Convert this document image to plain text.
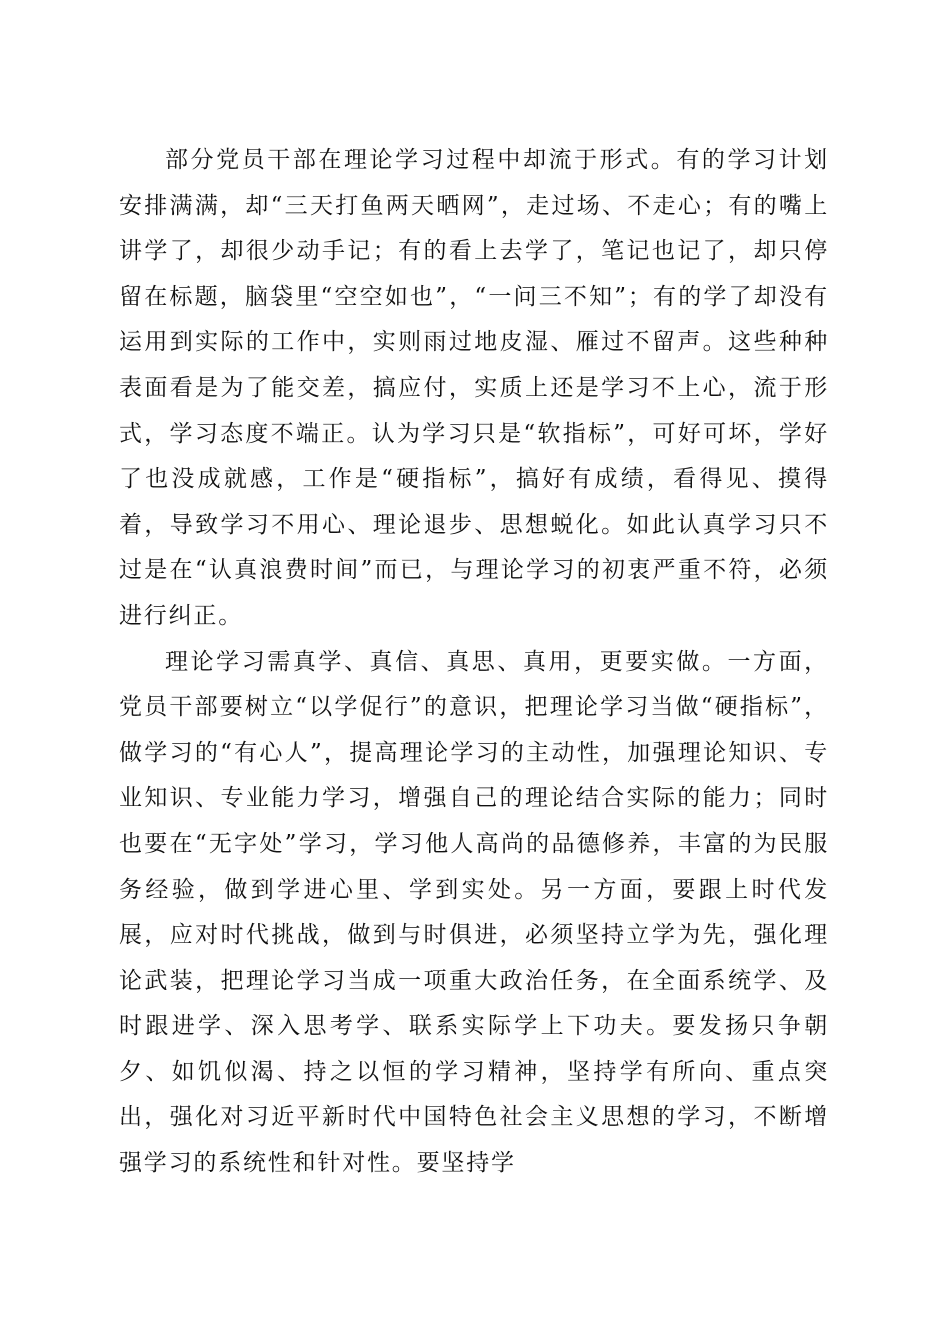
部分党员干部在理论学习过程中却流于形式。有的学习计划安排满满，却“三天打鱼两天晒网”，走过场、不走心；有的嘴上讲学了，却很少动手记；有的看上去学了，笔记也记了，却只停留在标题，脑袋里“空空如也”，“一问三不知”；有的学了却没有运用到实际的工作中，实则雨过地皮湿、雁过不留声。这些种种表面看是为了能交差，搞应付，实质上还是学习不上心，流于形式，学习态度不端正。认为学习只是“软指标”，可好可坏，学好了也没成就感，工作是“硬指标”，搞好有成绩，看得见、摸得着，导致学习不用心、理论退步、思想蜕化。如此认真学习只不过是在“认真浪费时间”而已，与理论学习的初衷严重不符，必须进行纠正。

理论学习需真学、真信、真思、真用，更要实做。一方面，党员干部要树立“以学促行”的意识，把理论学习当做“硬指标”，做学习的“有心人”，提高理论学习的主动性，加强理论知识、专业知识、专业能力学习，增强自己的理论结合实际的能力；同时也要在“无字处”学习，学习他人高尚的品德修养，丰富的为民服务经验，做到学进心里、学到实处。另一方面，要跟上时代发展，应对时代挑战，做到与时俱进，必须坚持立学为先，强化理论武装，把理论学习当成一项重大政治任务，在全面系统学、及时跟进学、深入思考学、联系实际学上下功夫。要发扬只争朝夕、如饥似渴、持之以恒的学习精神，坚持学有所向、重点突出，强化对习近平新时代中国特色社会主义思想的学习，不断增强学习的系统性和针对性。要坚持学
